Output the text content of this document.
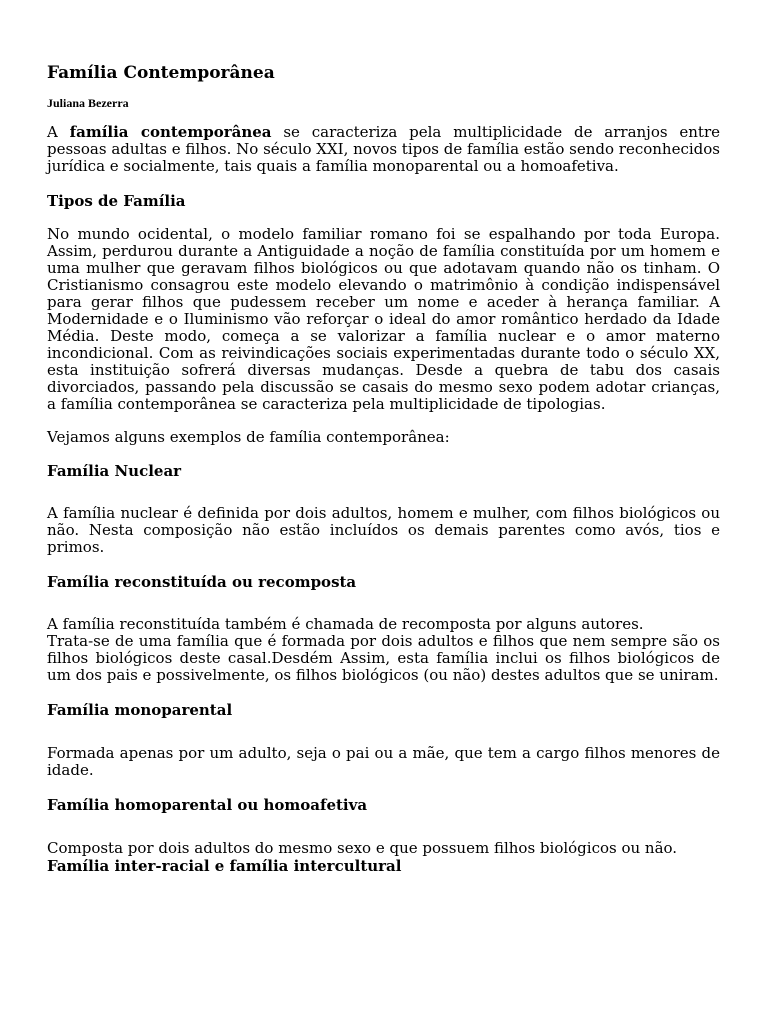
Família Contemporânea
Juliana Bezerra

A família contemporânea se caracteriza pela multiplicidade de arranjos entre pessoas adultas e filhos. No século XXI, novos tipos de família estão sendo reconhecidos jurídica e socialmente, tais quais a família monoparental ou a homoafetiva.

Tipos de Família

No mundo ocidental, o modelo familiar romano foi se espalhando por toda Europa. Assim, perdurou durante a Antiguidade a noção de família constituída por um homem e uma mulher que geravam filhos biológicos ou que adotavam quando não os tinham. O Cristianismo consagrou este modelo elevando o matrimônio à condição indispensável para gerar filhos que pudessem receber um nome e aceder à herança familiar. A Modernidade e o Iluminismo vão reforçar o ideal do amor romântico herdado da Idade Média. Deste modo, começa a se valorizar a família nuclear e o amor materno incondicional. Com as reivindicações sociais experimentadas durante todo o século XX, esta instituição sofrerá diversas mudanças. Desde a quebra de tabu dos casais divorciados, passando pela discussão se casais do mesmo sexo podem adotar crianças, a família contemporânea se caracteriza pela multiplicidade de tipologias.

Vejamos alguns exemplos de família contemporânea:

Família Nuclear

A família nuclear é definida por dois adultos, homem e mulher, com filhos biológicos ou não. Nesta composição não estão incluídos os demais parentes como avós, tios e primos.

Família reconstituída ou recomposta

A família reconstituída também é chamada de recomposta por alguns autores.

Trata-se de uma família que é formada por dois adultos e filhos que nem sempre são os filhos biológicos deste casal.Desdém Assim, esta família inclui os filhos biológicos de um dos pais e possivelmente, os filhos biológicos (ou não) destes adultos que se uniram.

Família monoparental

Formada apenas por um adulto, seja o pai ou a mãe, que tem a cargo filhos menores de idade.

Família homoparental ou homoafetiva

Composta por dois adultos do mesmo sexo e que possuem filhos biológicos ou não.

Família inter-racial e família intercultural
